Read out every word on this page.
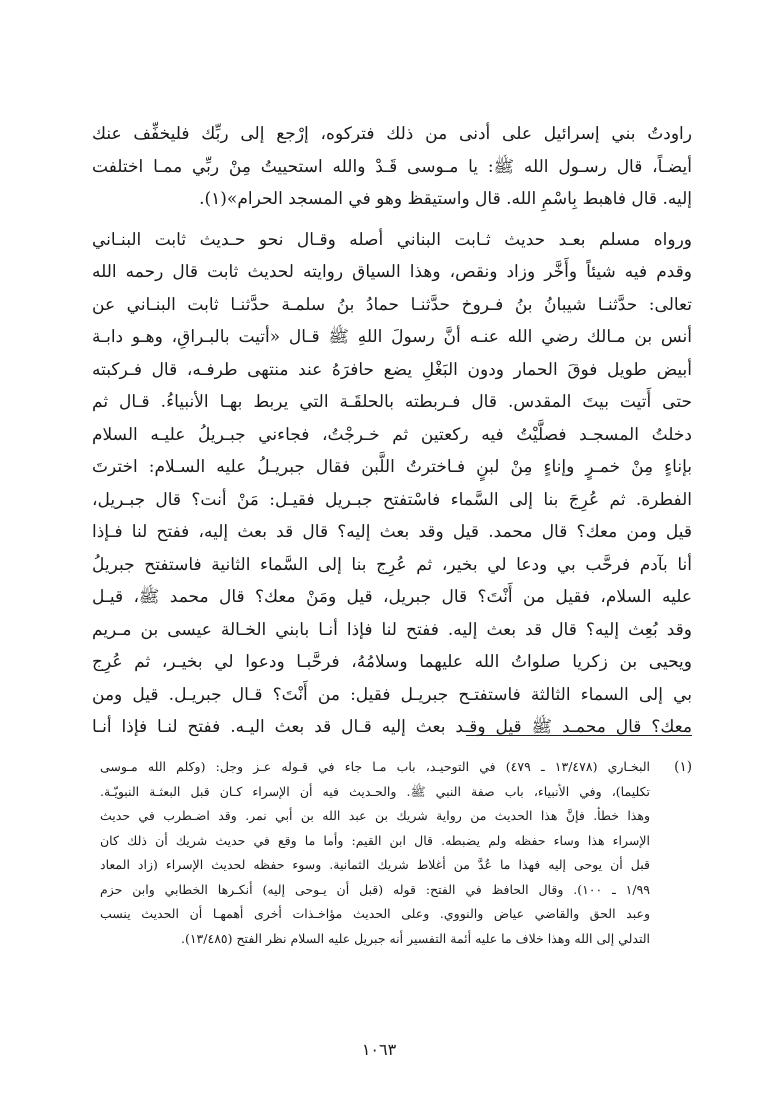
راودتُ بني إسرائيل على أدنى من ذلك فتركوه، إرْجع إلى ربِّك فليخفِّف عنك
أيضـاً، قال رسـول الله ﷺ: يا مـوسى قَـدْ والله استحييتُ مِنْ ربِّي ممـا اختلفت
إليه. قال فاهبط بِاسْمِ الله. قال واستيقظ وهو في المسجد الحرام»(١).
ورواه مسلم بعـد حديث ثـابت البناني أصله وقـال نحو حـديث ثابت البنـاني
وقدم فيه شيئاً وأَخَّر وزاد ونقص، وهذا السياق روايته لحديث ثابت قال رحمه الله
تعالى: حدَّثنـا شيبانُ بنُ فـروخ حدَّثنـا حمادُ بنُ سلمـة حدَّثنـا ثابت البنـاني عن
أنس بن مـالك رضي الله عنـه أنَّ رسولَ اللهِ ﷺ قـال «أتيت بالبـراقِ، وهـو دابـة
أبيض طويل فوقَ الحمار ودون البَغْلِ يضع حافرَهُ عند منتهى طرفـه، قال فـركبته
حتى أَتيت بيتَ المقدس. قال فـربطته بالحلقَـة التي يربط بهـا الأنبياءُ. قـال ثم
دخلتُ المسجـد فصلَّيْتُ فيه ركعتين ثم خـرجْتُ، فجاءني جبـريلُ عليـه السلام
بإناءٍ مِنْ خمـرٍ وإناءٍ مِنْ لبنٍ فـاخترتُ اللَّبن فقال جبريـلُ عليه السـلام: اخترتَ
الفطرة. ثم عُرِجَ بنا إلى السَّماء فاسْتفتح جبـريل فقيـل: مَنْ أنت؟ قال جبـريل،
قيل ومن معك؟ قال محمد. قيل وقد بعث إليه؟ قال قد بعث إليه، ففتح لنا فـإذا
أنا بآدم فرحَّب بي ودعا لي بخير، ثم عُرِج بنا إلى السَّماء الثانية فاستفتح جبريلُ
عليه السلام، فقيل من أَنْتَ؟ قال جبريل، قيل ومَنْ معك؟ قال محمد ﷺ، قيـل
وقد بُعِث إليه؟ قال قد بعث إليه. ففتح لنا فإذا أنـا بابني الخـالة عيسى بن مـريم
ويحيى بن زكريا صلواتُ الله عليهما وسلامُهُ، فرحَّبـا ودعوا لي بخيـر، ثم عُرِج
بي إلى السماء الثالثة فاستفتـح جبريـل فقيل: من أَنْتَ؟ قـال جبريـل. قيل ومن
معك؟ قال محمـد ﷺ قيل وقـد بعث إليه قـال قد بعث اليـه. ففتح لنـا فإذا أنـا
(١)
البخـاري (١٣/٤٧٨ ـ ٤٧٩) في التوحيـد، باب مـا جاء في قـوله عـز وجل: (وكلم الله مـوسى
تكليما)، وفي الأنبياء، باب صفة النبي ﷺ. والحـديث فيه أن الإسراء كـان قبل البعثـة النبويّـة.
وهذا خطأ. فإنَّ هذا الحديث من رواية شريك بن عبد الله بن أبي نمر. وقد اضـطرب في حديث
الإسراء هذا وساء حفظه ولم يضبطه. قال ابن القيم: وأما ما وقع في حديث شريك أن ذلك كان
قبل أن يوحى إليه فهذا ما عُدَّ من أغلاط شريك الثمانية. وسوء حفظه لحديث الإسراء (زاد المعاد
١/٩٩ ـ ١٠٠). وقال الحافظ في الفتح: قوله (قبل أن يـوحى إليه) أنكـرها الخطابي وابن حزم
وعبد الحق والقاضي عياض والنووي. وعلى الحديث مؤاخـذات أخرى أهمهـا أن الحديث ينسب
التدلي إلى الله وهذا خلاف ما عليه أئمة التفسير أنه جبريل عليه السلام نظر الفتح (١٣/٤٨٥).
١٠٦٣
